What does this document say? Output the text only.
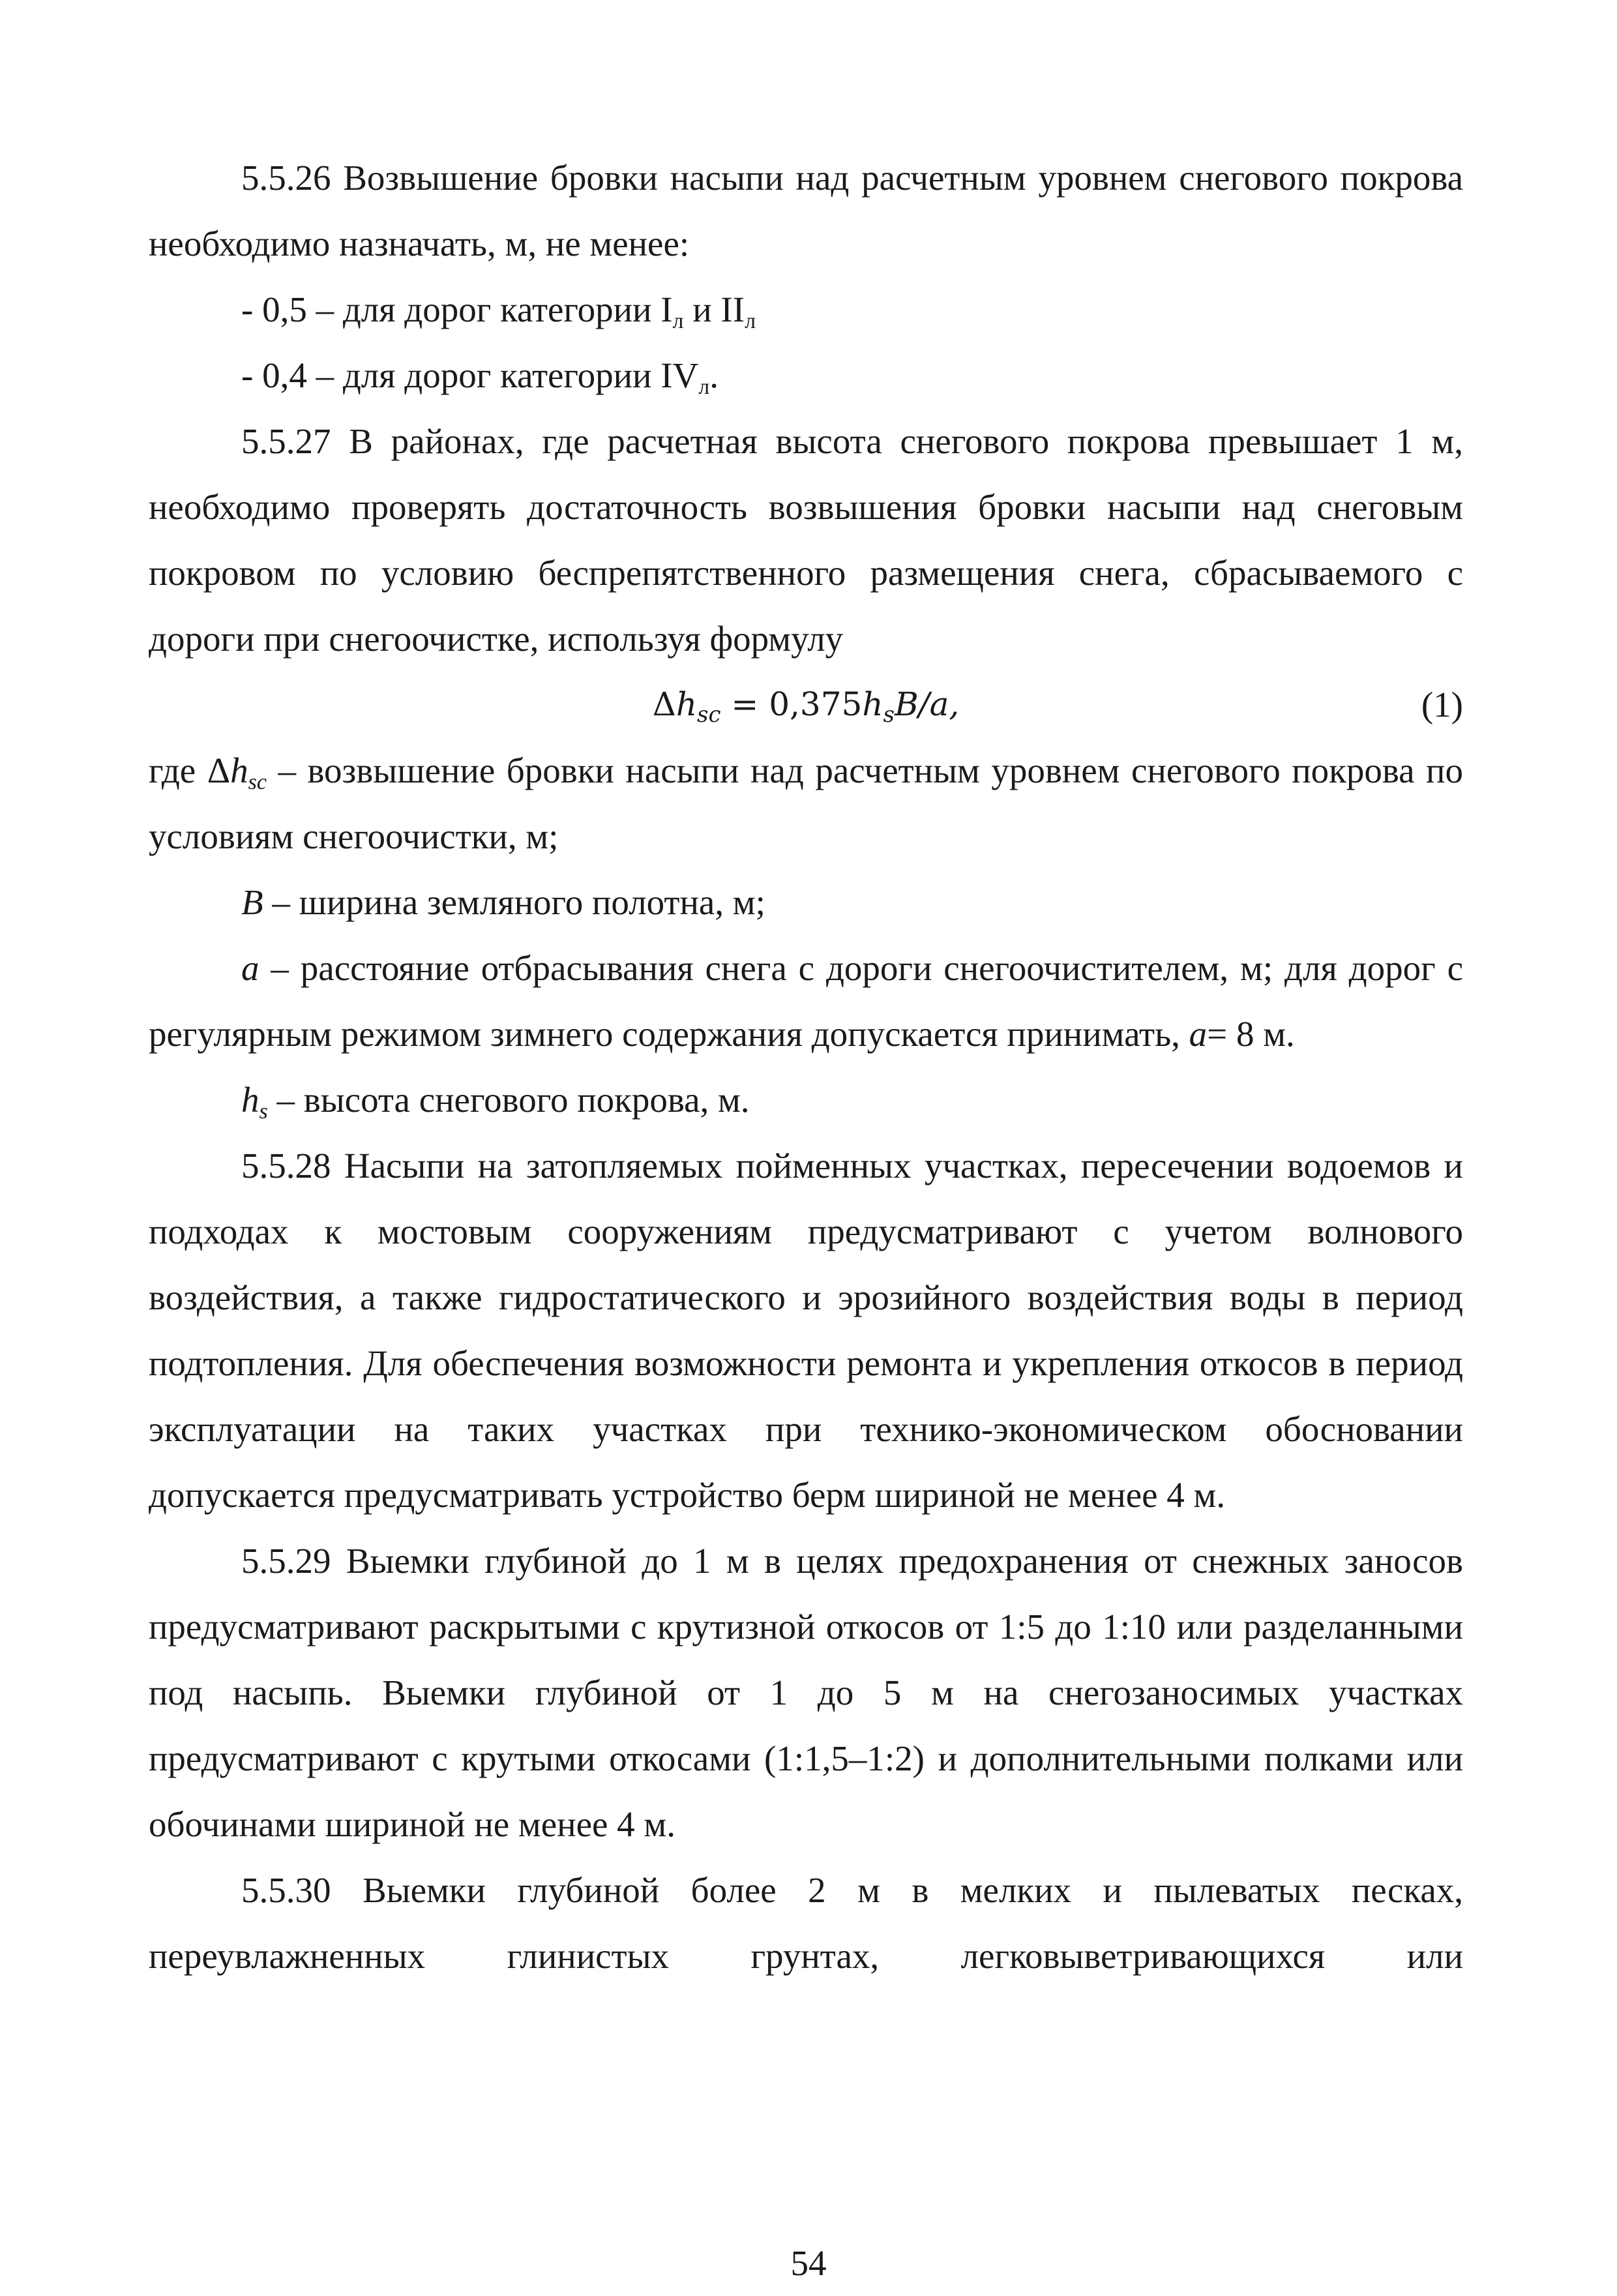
5.5.26 Возвышение бровки насыпи над расчетным уровнем снегового покрова необходимо назначать, м, не менее:

- 0,5 – для дорог категории $I_л$ и $II_л$

- 0,4 – для дорог категории $IV_л$.

5.5.27 В районах, где расчетная высота снегового покрова превышает 1 м, необходимо проверять достаточность возвышения бровки насыпи над снеговым покровом по условию беспрепятственного размещения снега, сбрасываемого с дороги при снегоочистке, используя формулу

$\Delta h_{sc} = 0,375h_sB/a$,	(1)

где $\Delta h_{sc}$ – возвышение бровки насыпи над расчетным уровнем снегового покрова по условиям снегоочистки, м;

B – ширина земляного полотна, м;

a – расстояние отбрасывания снега с дороги снегоочистителем, м; для дорог с регулярным режимом зимнего содержания допускается принимать, a= 8 м.

$h_s$ – высота снегового покрова, м.

5.5.28 Насыпи на затопляемых пойменных участках, пересечении водоемов и подходах к мостовым сооружениям предусматривают с учетом волнового воздействия, а также гидростатического и эрозийного воздействия воды в период подтопления. Для обеспечения возможности ремонта и укрепления откосов в период эксплуатации на таких участках при технико-экономическом обосновании допускается предусматривать устройство берм шириной не менее 4 м.

5.5.29 Выемки глубиной до 1 м в целях предохранения от снежных заносов предусматривают раскрытыми с крутизной откосов от 1:5 до 1:10 или разделанными под насыпь. Выемки глубиной от 1 до 5 м на снегозаносимых участках предусматривают с крутыми откосами (1:1,5–1:2) и дополнительными полками или обочинами шириной не менее 4 м.

5.5.30 Выемки глубиной более 2 м в мелких и пылеватых песках, переувлажненных глинистых грунтах, легковыветривающихся или

54
